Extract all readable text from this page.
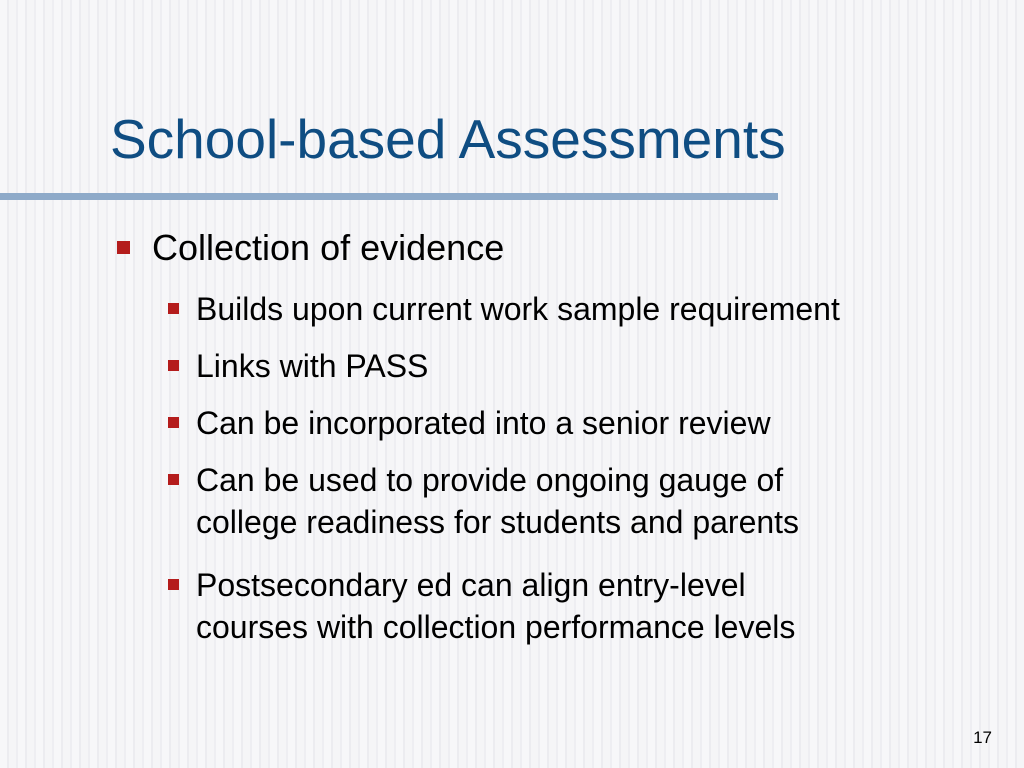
School-based Assessments
Collection of evidence
Builds upon current work sample requirement
Links with PASS
Can be incorporated into a senior review
Can be used to provide ongoing gauge of
college readiness for students and parents
Postsecondary ed can align entry-level
courses with collection performance levels
17
